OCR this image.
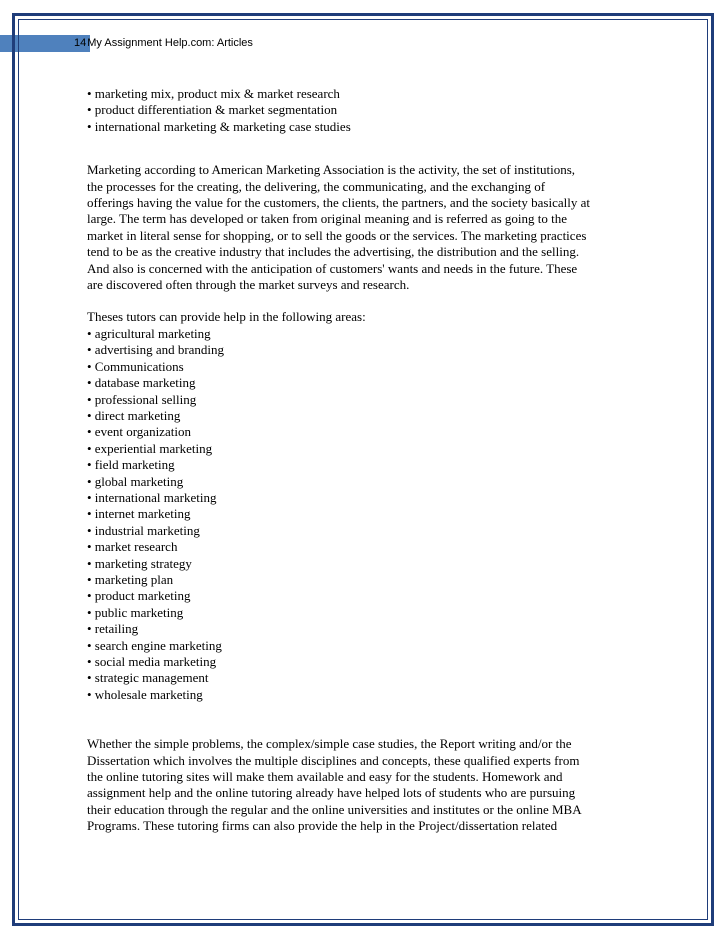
14My Assignment Help.com: Articles
• marketing mix, product mix & market research
• product differentiation & market segmentation
• international marketing & marketing case studies

Marketing according to American Marketing Association is the activity, the set of institutions,
the processes for the creating, the delivering, the communicating, and the exchanging of
offerings having the value for the customers, the clients, the partners, and the society basically at
large. The term has developed or taken from original meaning and is referred as going to the
market in literal sense for shopping, or to sell the goods or the services. The marketing practices
tend to be as the creative industry that includes the advertising, the distribution and the selling.
And also is concerned with the anticipation of customers' wants and needs in the future. These
are discovered often through the market surveys and research.

Theses tutors can provide help in the following areas:

• agricultural marketing
• advertising and branding
• Communications
• database marketing
• professional selling
• direct marketing
• event organization
• experiential marketing
• field marketing
• global marketing
• international marketing
• internet marketing
• industrial marketing
• market research
• marketing strategy
• marketing plan
• product marketing
• public marketing
• retailing
• search engine marketing
• social media marketing
• strategic management
• wholesale marketing

Whether the simple problems, the complex/simple case studies, the Report writing and/or the
Dissertation which involves the multiple disciplines and concepts, these qualified experts from
the online tutoring sites will make them available and easy for the students. Homework and
assignment help and the online tutoring already have helped lots of students who are pursuing
their education through the regular and the online universities and institutes or the online MBA
Programs. These tutoring firms can also provide the help in the Project/dissertation related
